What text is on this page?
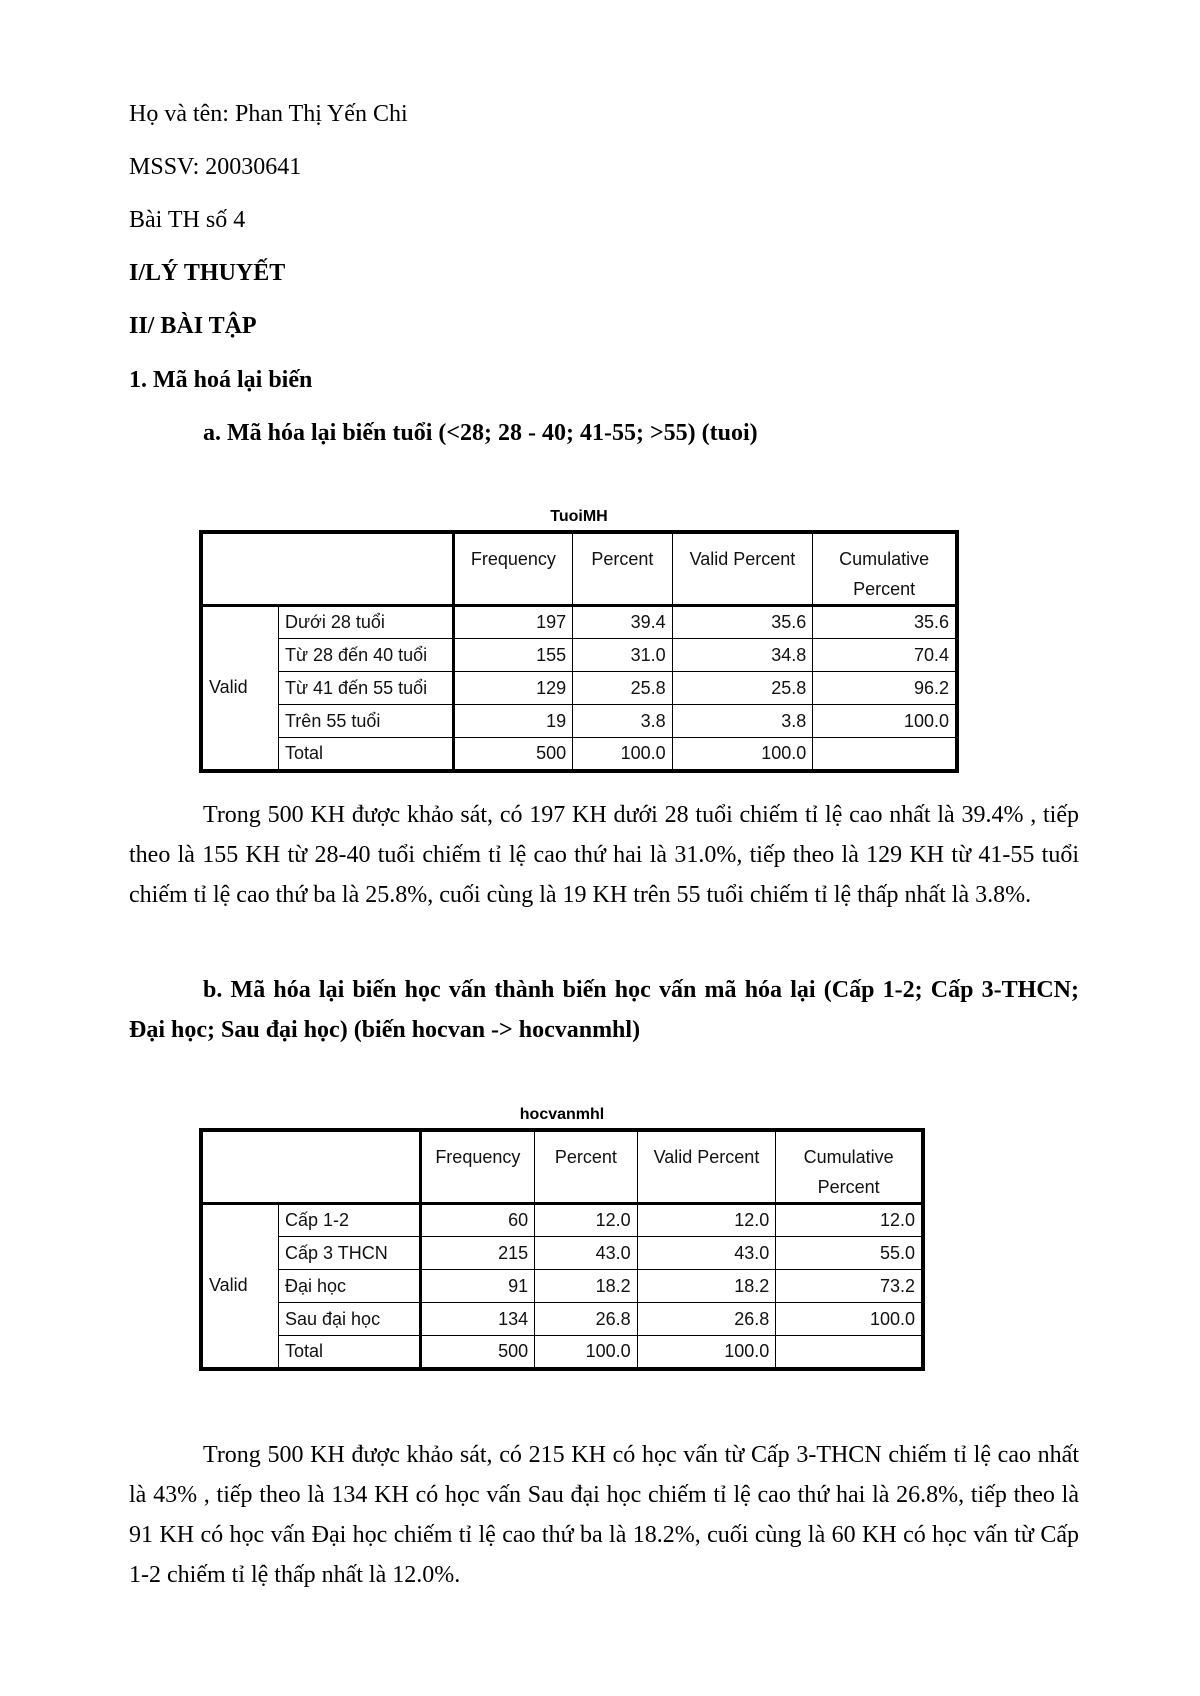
Họ và tên: Phan Thị Yến Chi
MSSV: 20030641
Bài TH số 4
I/LÝ THUYẾT
II/ BÀI TẬP
1. Mã hoá lại biến
a. Mã hóa lại biến tuổi (<28; 28 - 40; 41-55; >55) (tuoi)
TuoiMH
		Frequency	Percent	Valid Percent	Cumulative Percent
Valid	Dưới 28 tuổi	197	39.4	35.6	35.6
	Từ 28 đến 40 tuổi	155	31.0	34.8	70.4
	Từ 41 đến 55 tuổi	129	25.8	25.8	96.2
	Trên 55 tuổi	19	3.8	3.8	100.0
	Total	500	100.0	100.0	
Trong 500 KH được khảo sát, có 197 KH dưới 28 tuổi chiếm tỉ lệ cao nhất là 39.4% , tiếp theo là 155 KH từ 28-40 tuổi chiếm tỉ lệ cao thứ hai là 31.0%, tiếp theo là 129 KH từ 41-55 tuổi chiếm tỉ lệ cao thứ ba là 25.8%, cuối cùng là 19 KH trên 55 tuổi chiếm tỉ lệ thấp nhất là 3.8%.
b. Mã hóa lại biến học vấn thành biến học vấn mã hóa lại (Cấp 1-2; Cấp 3-THCN; Đại học; Sau đại học) (biến hocvan -> hocvanmhl)
hocvanmhl
		Frequency	Percent	Valid Percent	Cumulative Percent
Valid	Cấp 1-2	60	12.0	12.0	12.0
	Cấp 3 THCN	215	43.0	43.0	55.0
	Đại học	91	18.2	18.2	73.2
	Sau đại học	134	26.8	26.8	100.0
	Total	500	100.0	100.0	
Trong 500 KH được khảo sát, có 215 KH có học vấn từ Cấp 3-THCN chiếm tỉ lệ cao nhất là 43% , tiếp theo là 134 KH có học vấn Sau đại học chiếm tỉ lệ cao thứ hai là 26.8%, tiếp theo là 91 KH có học vấn Đại học chiếm tỉ lệ cao thứ ba là 18.2%, cuối cùng là 60 KH có học vấn từ Cấp 1-2 chiếm tỉ lệ thấp nhất là 12.0%.
